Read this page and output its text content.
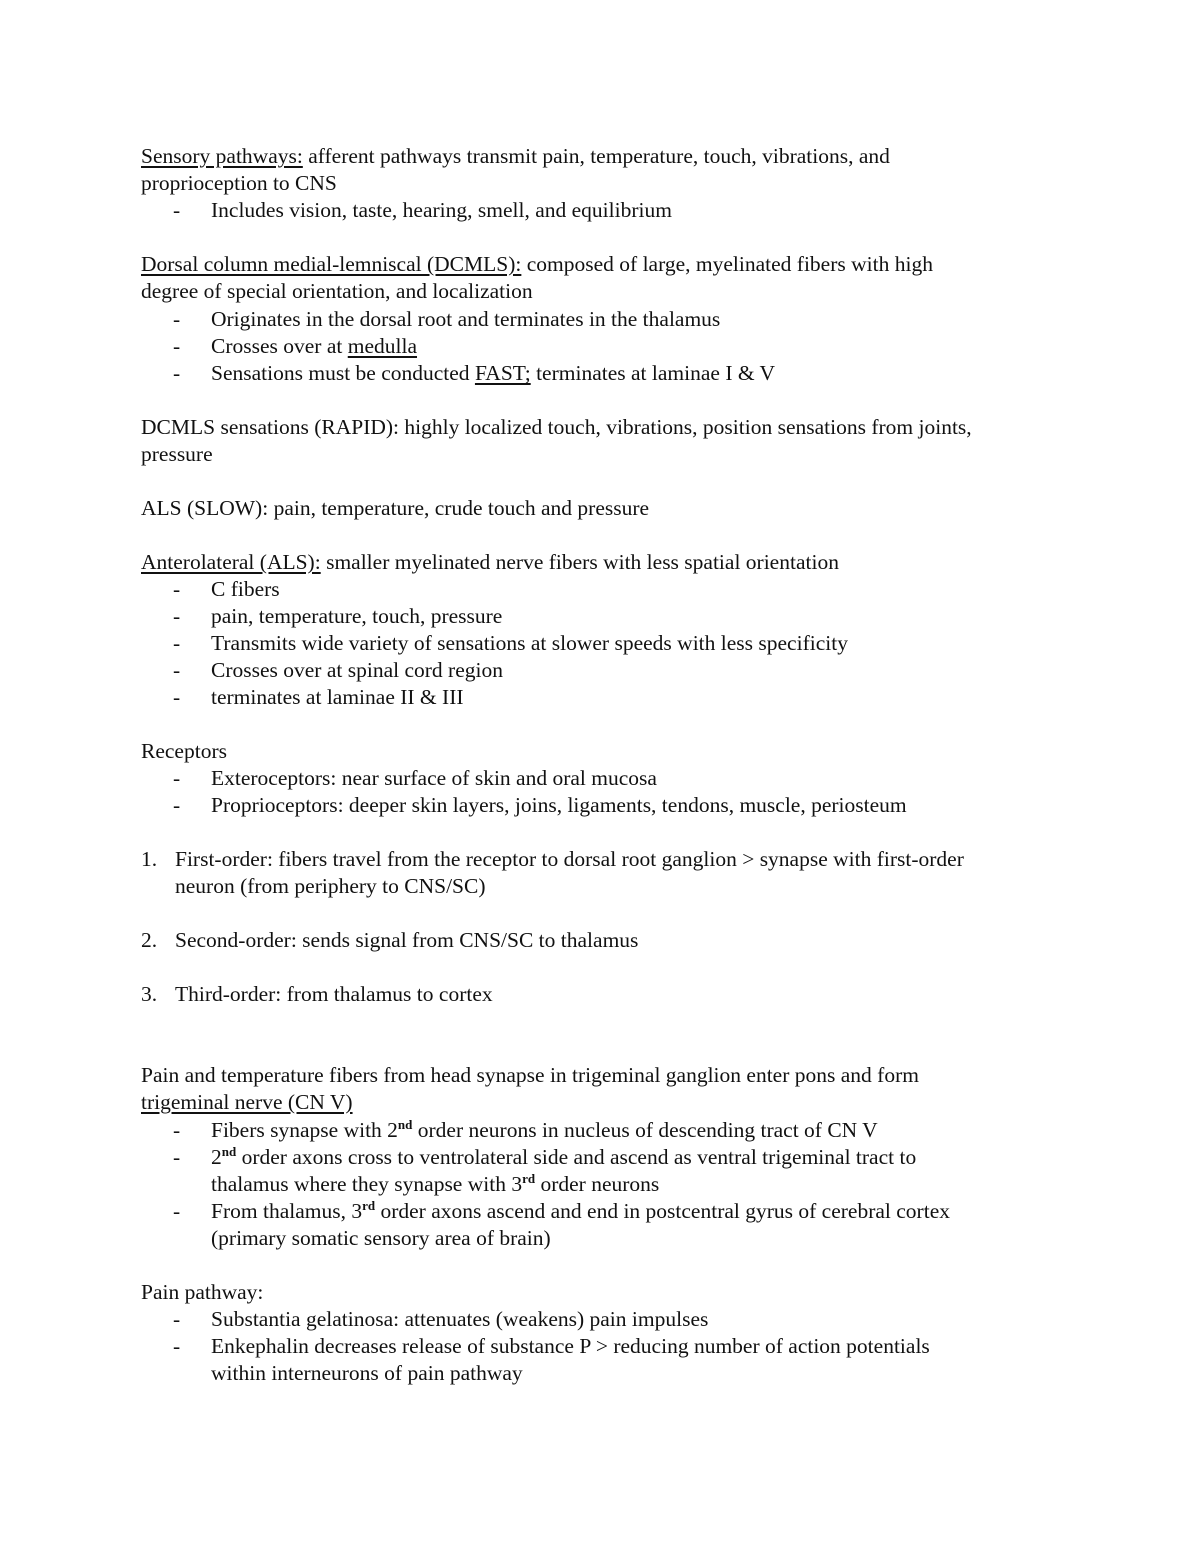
Sensory pathways: afferent pathways transmit pain, temperature, touch, vibrations, and
proprioception to CNS
- Includes vision, taste, hearing, smell, and equilibrium
Dorsal column medial-lemniscal (DCMLS): composed of large, myelinated fibers with high
degree of special orientation, and localization
- Originates in the dorsal root and terminates in the thalamus
- Crosses over at medulla
- Sensations must be conducted FAST; terminates at laminae I & V
DCMLS sensations (RAPID): highly localized touch, vibrations, position sensations from joints,
pressure
ALS (SLOW): pain, temperature, crude touch and pressure
Anterolateral (ALS): smaller myelinated nerve fibers with less spatial orientation
- C fibers
- pain, temperature, touch, pressure
- Transmits wide variety of sensations at slower speeds with less specificity
- Crosses over at spinal cord region
- terminates at laminae II & III
Receptors
- Exteroceptors: near surface of skin and oral mucosa
- Proprioceptors: deeper skin layers, joins, ligaments, tendons, muscle, periosteum
1. First-order: fibers travel from the receptor to dorsal root ganglion > synapse with first-order
neuron (from periphery to CNS/SC)
2. Second-order: sends signal from CNS/SC to thalamus
3. Third-order: from thalamus to cortex
Pain and temperature fibers from head synapse in trigeminal ganglion enter pons and form
trigeminal nerve (CN V)
- Fibers synapse with 2nd order neurons in nucleus of descending tract of CN V
- 2nd order axons cross to ventrolateral side and ascend as ventral trigeminal tract to
thalamus where they synapse with 3rd order neurons
- From thalamus, 3rd order axons ascend and end in postcentral gyrus of cerebral cortex
(primary somatic sensory area of brain)
Pain pathway:
- Substantia gelatinosa: attenuates (weakens) pain impulses
- Enkephalin decreases release of substance P > reducing number of action potentials
within interneurons of pain pathway
